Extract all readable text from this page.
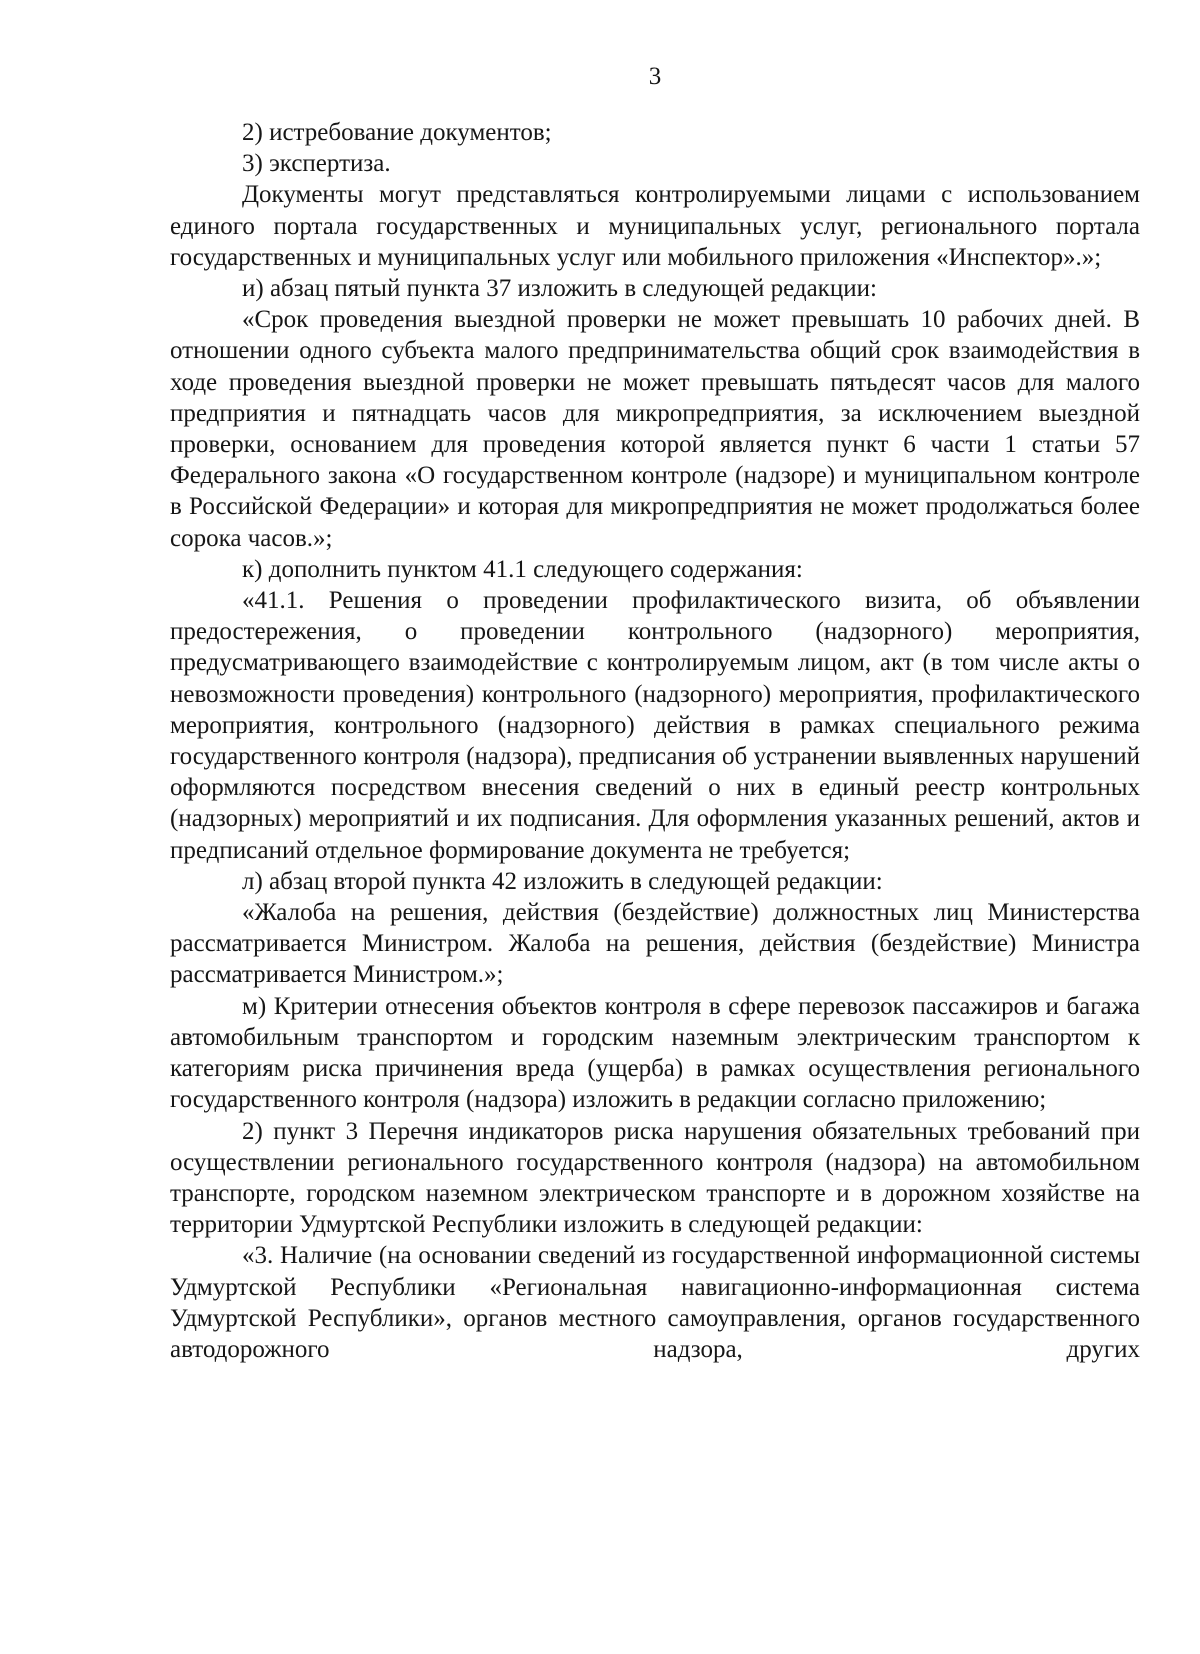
3

2) истребование документов;

3) экспертиза.

Документы могут представляться контролируемыми лицами с использованием единого портала государственных и муниципальных услуг, регионального портала государственных и муниципальных услуг или мобильного приложения «Инспектор».»;

и) абзац пятый пункта 37 изложить в следующей редакции:

«Срок проведения выездной проверки не может превышать 10 рабочих дней. В отношении одного субъекта малого предпринимательства общий срок взаимодействия в ходе проведения выездной проверки не может превышать пятьдесят часов для малого предприятия и пятнадцать часов для микропредприятия, за исключением выездной проверки, основанием для проведения которой является пункт 6 части 1 статьи 57 Федерального закона «О государственном контроле (надзоре) и муниципальном контроле в Российской Федерации» и которая для микропредприятия не может продолжаться более сорока часов.»;

к) дополнить пунктом 41.1 следующего содержания:

«41.1. Решения о проведении профилактического визита, об объявлении предостережения, о проведении контрольного (надзорного) мероприятия, предусматривающего взаимодействие с контролируемым лицом, акт (в том числе акты о невозможности проведения) контрольного (надзорного) мероприятия, профилактического мероприятия, контрольного (надзорного) действия в рамках специального режима государственного контроля (надзора), предписания об устранении выявленных нарушений оформляются посредством внесения сведений о них в единый реестр контрольных (надзорных) мероприятий и их подписания. Для оформления указанных решений, актов и предписаний отдельное формирование документа не требуется;

л) абзац второй пункта 42 изложить в следующей редакции:

«Жалоба на решения, действия (бездействие) должностных лиц Министерства рассматривается Министром. Жалоба на решения, действия (бездействие) Министра рассматривается Министром.»;

м) Критерии отнесения объектов контроля в сфере перевозок пассажиров и багажа автомобильным транспортом и городским наземным электрическим транспортом к категориям риска причинения вреда (ущерба) в рамках осуществления регионального государственного контроля (надзора) изложить в редакции согласно приложению;

2) пункт 3 Перечня индикаторов риска нарушения обязательных требований при осуществлении регионального государственного контроля (надзора) на автомобильном транспорте, городском наземном электрическом транспорте и в дорожном хозяйстве на территории Удмуртской Республики изложить в следующей редакции:

«3. Наличие (на основании сведений из государственной информационной системы Удмуртской Республики «Региональная навигационно-информационная система Удмуртской Республики», органов местного самоуправления, органов государственного автодорожного надзора, других
